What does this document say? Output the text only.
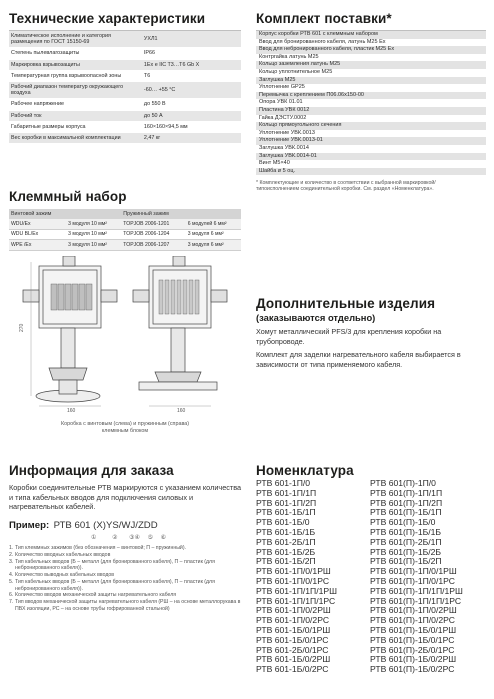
Технические характеристики
Климатическое исполнение и категория размещения по ГОСТ 15150-69	УХЛ1
Степень пылевлагозащиты	IP66
Маркировка взрывозащиты	1Ex e IIC T3…T6 Gb X
Температурная группа взрывоопасной зоны	Т6
Рабочий диапазон температур окружающего воздуха	-60… +55 °С
Рабочее напряжение	до 550 В
Рабочий ток	до 50 А
Габаритные размеры корпуса	160×160×94,5 мм
Вес коробки в максимальной комплектации	2,47 кг
Клеммный набор
Винтовой зажим		Пружинный зажим	
WDU/Ex	3 модуля 10 мм²	TOPJOB 2006-1201	6 модулей 6 мм²
WDU BL/Ex	3 модуля 10 мм²	TOPJOB 2006-1204	3 модуля 6 мм²
WPE /Ex	3 модуля 10 мм²	TOPJOB 2006-1207	3 модуля 6 мм²
270
160	160
Коробка с винтовым (слева) и пружинным (справа) клеммным блоком
Комплект поставки*
Корпус коробки РТВ 601 с клеммным набором	
Ввод для бронированного кабеля, латунь М25 Ex	
Ввод для небронированного кабеля, пластик М25 Ex	
Контргайка латунь М25	
Кольцо заземления латунь М25	
Кольцо уплотнительное М25	
Заглушка М25	
Уплотнение GP25	
Перемычка с креплением П06.06x150-00	
Опора УВК 01.01	
Пластина УВК 0012	
Гайка ДЭСТУ.0002	
Кольцо прямоугольного сечения	
Уплотнение УВК.0013	
Уплотнение УВК.0013-01	
Заглушка УВК.0014	
Заглушка УВК.0014-01	
Винт М5×40	
Шайба ø 5 оц.	
* Комплектующие и количество в соответствии с выбранной маркировкой/ типоисполнением соединительной коробки. См. раздел «Номенклатура».
Дополнительные изделия
(заказываются отдельно)
Хомут металлический PFS/3 для крепления коробки на трубопроводе.
Комплект для заделки нагревательного кабеля выбирается в зависимости от типа применяемого кабеля.
Информация для заказа
Коробки соединительные РТВ маркируются с указанием количества и типа кабельных вводов для подключения силовых и нагревательных кабелей.
Пример: РТВ 601 (X)YS/WJ/ZDD
①	② ③④ ⑤ ⑥
1. Тип клеммных зажимов (без обозначения – винтовой; П – пружинный).
2. Количество вводных кабельных вводов
3. Тип кабельных вводов (Б – металл (для бронированного кабеля), П – пластик (для небронированного кабеля)).
4. Количество выводных кабельных вводов
5. Тип кабельных вводов (Б – металл (для бронированного кабеля), П – пластик (для небронированного кабеля)).
6. Количество вводов механической защиты нагревательного кабеля
7. Тип вводов механической защиты нагревательного кабеля (РШ – на основе металлорукава в ПВХ изоляции, РС – на основе трубы гофрированной стальной)
Номенклатура
РТВ 601-1П/0
РТВ 601-1П/1П
РТВ 601-1П/2П
РТВ 601-1Б/1П
РТВ 601-1Б/0
РТВ 601-1Б/1Б
РТВ 601-2Б/1П
РТВ 601-1Б/2Б
РТВ 601-1Б/2П
РТВ 601-1П/0/1РШ
РТВ 601-1П/0/1РС
РТВ 601-1П/1П/1РШ
РТВ 601-1П/1П/1РС
РТВ 601-1П/0/2РШ
РТВ 601-1П/0/2РС
РТВ 601-1Б/0/1РШ
РТВ 601-1Б/0/1РС
РТВ 601-2Б/0/1РС
РТВ 601-1Б/0/2РШ
РТВ 601-1Б/0/2РС
РТВ 601(П)-1П/0
РТВ 601(П)-1П/1П
РТВ 601(П)-1П/2П
РТВ 601(П)-1Б/1П
РТВ 601(П)-1Б/0
РТВ 601(П)-1Б/1Б
РТВ 601(П)-2Б/1П
РТВ 601(П)-1Б/2Б
РТВ 601(П)-1Б/2П
РТВ 601(П)-1П/0/1РШ
РТВ 601(П)-1П/0/1РС
РТВ 601(П)-1П/1П/1РШ
РТВ 601(П)-1П/1П/1РС
РТВ 601(П)-1П/0/2РШ
РТВ 601(П)-1П/0/2РС
РТВ 601(П)-1Б/0/1РШ
РТВ 601(П)-1Б/0/1РС
РТВ 601(П)-2Б/0/1РС
РТВ 601(П)-1Б/0/2РШ
РТВ 601(П)-1Б/0/2РС
